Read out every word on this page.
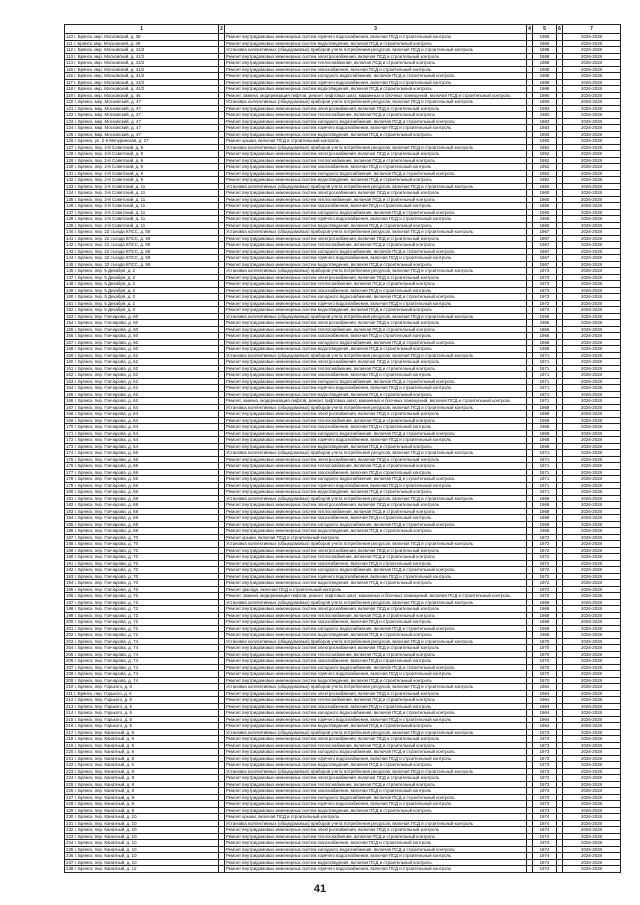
1	2	3	4	5	6	7
110 г. Брянск, мкр. Московский, д. 39		Ремонт внутридомовых инженерных систем горячего водоснабжения, включая ПСД и строительный контроль		1986		2026-2028
111 г. Брянск, мкр. Московский, д. 39		Ремонт внутридомовых инженерных систем водоотведения, включая ПСД и строительный контроль		1986		2026-2028
112 г. Брянск, мкр. Московский, д. 41/2		Установка коллективных (общедомовых) приборов учета потребления ресурсов, включая ПСД и строительный контроль		1988		2026-2028
113 г. Брянск, мкр. Московский, д. 41/2		Ремонт внутридомовых инженерных систем электроснабжения, включая ПСД и строительный контроль		1988		2026-2028
114 г. Брянск, мкр. Московский, д. 41/2		Ремонт внутридомовых инженерных систем теплоснабжения, включая ПСД и строительный контроль		1988		2026-2028
115 г. Брянск, мкр. Московский, д. 41/2		Ремонт внутридомовых инженерных систем газоснабжения, включая ПСД и строительный контроль		1988		2026-2028
116 г. Брянск, мкр. Московский, д. 41/2		Ремонт внутридомовых инженерных систем холодного водоснабжения, включая ПСД и строительный контроль		1988		2026-2028
117 г. Брянск, мкр. Московский, д. 41/2		Ремонт внутридомовых инженерных систем горячего водоснабжения, включая ПСД и строительный контроль		1988		2026-2028
118 г. Брянск, мкр. Московский, д. 41/2		Ремонт внутридомовых инженерных систем водоотведения, включая ПСД и строительный контроль		1988		2026-2028
119 г. Брянск, мкр. Московский, д. 46		Ремонт, замена, модернизация лифтов, ремонт лифтовых шахт, машинных и блочных помещений, включая ПСД и строительный контроль		1990		2026-2028
120 г. Брянск, мкр. Московский, д. 47		Установка коллективных (общедомовых) приборов учета потребления ресурсов, включая ПСД и строительный контроль		1983		2026-2028
121 г. Брянск, мкр. Московский, д. 47		Ремонт внутридомовых инженерных систем электроснабжения, включая ПСД и строительный контроль		1983		2026-2028
122 г. Брянск, мкр. Московский, д. 47		Ремонт внутридомовых инженерных систем теплоснабжения, включая ПСД и строительный контроль		1983		2026-2028
123 г. Брянск, мкр. Московский, д. 47		Ремонт внутридомовых инженерных систем холодного водоснабжения, включая ПСД и строительный контроль		1983		2026-2028
124 г. Брянск, мкр. Московский, д. 47		Ремонт внутридомовых инженерных систем горячего водоснабжения, включая ПСД и строительный контроль		1983		2026-2028
125 г. Брянск, мкр. Московский, д. 47		Ремонт внутридомовых инженерных систем водоотведения, включая ПСД и строительный контроль		1983		2026-2028
126 г. Брянск, ул. 2-я Мичуринская, д. 27		Ремонт крыши, включая ПСД и строительный контроль		1960		2026-2028
127 г. Брянск, пер. 2-й Советский, д. 9		Установка коллективных (общедомовых) приборов учета потребления ресурсов, включая ПСД и строительный контроль		1952		2026-2028
128 г. Брянск, пер. 2-й Советский, д. 9		Ремонт внутридомовых инженерных систем электроснабжения, включая ПСД и строительный контроль		1952		2026-2028
129 г. Брянск, пер. 2-й Советский, д. 9		Ремонт внутридомовых инженерных систем теплоснабжения, включая ПСД и строительный контроль		1952		2026-2028
130 г. Брянск, пер. 2-й Советский, д. 9		Ремонт внутридомовых инженерных систем газоснабжения, включая ПСД и строительный контроль		1952		2026-2028
131 г. Брянск, пер. 2-й Советский, д. 9		Ремонт внутридомовых инженерных систем холодного водоснабжения, включая ПСД и строительный контроль		1952		2026-2028
132 г. Брянск, пер. 2-й Советский, д. 9		Ремонт внутридомовых инженерных систем водоотведения, включая ПСД и строительный контроль		1952		2026-2028
133 г. Брянск, пер. 2-й Советский, д. 11		Установка коллективных (общедомовых) приборов учета потребления ресурсов, включая ПСД и строительный контроль		1960		2026-2028
134 г. Брянск, пер. 2-й Советский, д. 11		Ремонт внутридомовых инженерных систем электроснабжения, включая ПСД и строительный контроль		1960		2026-2028
135 г. Брянск, пер. 2-й Советский, д. 11		Ремонт внутридомовых инженерных систем теплоснабжения, включая ПСД и строительный контроль		1960		2026-2028
136 г. Брянск, пер. 2-й Советский, д. 11		Ремонт внутридомовых инженерных систем газоснабжения, включая ПСД и строительный контроль		1960		2026-2028
137 г. Брянск, пер. 2-й Советский, д. 11		Ремонт внутридомовых инженерных систем холодного водоснабжения, включая ПСД и строительный контроль		1960		2026-2028
138 г. Брянск, пер. 2-й Советский, д. 11		Ремонт внутридомовых инженерных систем горячего водоснабжения, включая ПСД и строительный контроль		1960		2026-2028
139 г. Брянск, пер. 2-й Советский, д. 11		Ремонт внутридомовых инженерных систем водоотведения, включая ПСД и строительный контроль		1960		2026-2028
140 г. Брянск, пер. 22 съезда КПСС, д. 59		Установка коллективных (общедомовых) приборов учета потребления ресурсов, включая ПСД и строительный контроль		1967		2026-2028
141 г. Брянск, пер. 22 съезда КПСС, д. 59		Ремонт внутридомовых инженерных систем электроснабжения, включая ПСД и строительный контроль		1967		2026-2028
142 г. Брянск, пер. 22 съезда КПСС, д. 59		Ремонт внутридомовых инженерных систем теплоснабжения, включая ПСД и строительный контроль		1967		2026-2028
143 г. Брянск, пер. 22 съезда КПСС, д. 59		Ремонт внутридомовых инженерных систем холодного водоснабжения, включая ПСД и строительный контроль		1967		2026-2028
144 г. Брянск, пер. 22 съезда КПСС, д. 59		Ремонт внутридомовых инженерных систем горячего водоснабжения, включая ПСД и строительный контроль		1967		2026-2028
145 г. Брянск, пер. 22 съезда КПСС, д. 59		Ремонт внутридомовых инженерных систем водоотведения, включая ПСД и строительный контроль		1967		2026-2028
146 г. Брянск, пер. 5 Декабря, д. 2		Установка коллективных (общедомовых) приборов учета потребления ресурсов, включая ПСД и строительный контроль		1973		2026-2028
147 г. Брянск, пер. 5 Декабря, д. 2		Ремонт внутридомовых инженерных систем электроснабжения, включая ПСД и строительный контроль		1973		2026-2028
148 г. Брянск, пер. 5 Декабря, д. 2		Ремонт внутридомовых инженерных систем теплоснабжения, включая ПСД и строительный контроль		1973		2026-2028
149 г. Брянск, пер. 5 Декабря, д. 2		Ремонт внутридомовых инженерных систем газоснабжения, включая ПСД и строительный контроль		1973		2026-2028
150 г. Брянск, пер. 5 Декабря, д. 2		Ремонт внутридомовых инженерных систем холодного водоснабжения, включая ПСД и строительный контроль		1973		2026-2028
151 г. Брянск, пер. 5 Декабря, д. 2		Ремонт внутридомовых инженерных систем горячего водоснабжения, включая ПСД и строительный контроль		1973		2026-2028
152 г. Брянск, пер. 5 Декабря, д. 2		Ремонт внутридомовых инженерных систем водоотведения, включая ПСД и строительный контроль		1973		2026-2028
153 г. Брянск, пер. Гончарова, д. 60		Установка коллективных (общедомовых) приборов учета потребления ресурсов, включая ПСД и строительный контроль		1966		2026-2028
154 г. Брянск, пер. Гончарова, д. 60		Ремонт внутридомовых инженерных систем электроснабжения, включая ПСД и строительный контроль		1966		2026-2028
155 г. Брянск, пер. Гончарова, д. 60		Ремонт внутридомовых инженерных систем теплоснабжения, включая ПСД и строительный контроль		1966		2026-2028
156 г. Брянск, пер. Гончарова, д. 60		Ремонт внутридомовых инженерных систем газоснабжения, включая ПСД и строительный контроль		1966		2026-2028
157 г. Брянск, пер. Гончарова, д. 60		Ремонт внутридомовых инженерных систем холодного водоснабжения, включая ПСД и строительный контроль		1966		2026-2028
158 г. Брянск, пер. Гончарова, д. 60		Ремонт внутридомовых инженерных систем водоотведения, включая ПСД и строительный контроль		1966		2026-2028
159 г. Брянск, пер. Гончарова, д. 62		Установка коллективных (общедомовых) приборов учета потребления ресурсов, включая ПСД и строительный контроль		1971		2026-2028
160 г. Брянск, пер. Гончарова, д. 62		Ремонт внутридомовых инженерных систем электроснабжения, включая ПСД и строительный контроль		1971		2026-2028
161 г. Брянск, пер. Гончарова, д. 62		Ремонт внутридомовых инженерных систем теплоснабжения, включая ПСД и строительный контроль		1971		2026-2028
162 г. Брянск, пер. Гончарова, д. 62		Ремонт внутридомовых инженерных систем газоснабжения, включая ПСД и строительный контроль		1971		2026-2028
163 г. Брянск, пер. Гончарова, д. 62		Ремонт внутридомовых инженерных систем холодного водоснабжения, включая ПСД и строительный контроль		1971		2026-2028
164 г. Брянск, пер. Гончарова, д. 62		Ремонт внутридомовых инженерных систем горячего водоснабжения, включая ПСД и строительный контроль		1971		2026-2028
165 г. Брянск, пер. Гончарова, д. 62		Ремонт внутридомовых инженерных систем водоотведения, включая ПСД и строительный контроль		1971		2026-2028
166 г. Брянск, пер. Гончарова, д. 62		Ремонт, замена, модернизация лифтов, ремонт лифтовых шахт, машинных и блочных помещений, включая ПСД и строительный контроль		1971		2026-2028
167 г. Брянск, пер. Гончарова, д. 64		Установка коллективных (общедомовых) приборов учета потребления ресурсов, включая ПСД и строительный контроль		1968		2026-2028
168 г. Брянск, пер. Гончарова, д. 64		Ремонт внутридомовых инженерных систем электроснабжения, включая ПСД и строительный контроль		1968		2026-2028
169 г. Брянск, пер. Гончарова, д. 64		Ремонт внутридомовых инженерных систем теплоснабжения, включая ПСД и строительный контроль		1968		2026-2028
170 г. Брянск, пер. Гончарова, д. 64		Ремонт внутридомовых инженерных систем газоснабжения, включая ПСД и строительный контроль		1968		2026-2028
171 г. Брянск, пер. Гончарова, д. 64		Ремонт внутридомовых инженерных систем холодного водоснабжения, включая ПСД и строительный контроль		1968		2026-2028
172 г. Брянск, пер. Гончарова, д. 64		Ремонт внутридомовых инженерных систем горячего водоснабжения, включая ПСД и строительный контроль		1968		2026-2028
173 г. Брянск, пер. Гончарова, д. 64		Ремонт внутридомовых инженерных систем водоотведения, включая ПСД и строительный контроль		1968		2026-2028
174 г. Брянск, пер. Гончарова, д. 66		Установка коллективных (общедомовых) приборов учета потребления ресурсов, включая ПСД и строительный контроль		1971		2026-2028
175 г. Брянск, пер. Гончарова, д. 66		Ремонт внутридомовых инженерных систем электроснабжения, включая ПСД и строительный контроль		1971		2026-2028
176 г. Брянск, пер. Гончарова, д. 66		Ремонт внутридомовых инженерных систем теплоснабжения, включая ПСД и строительный контроль		1971		2026-2028
177 г. Брянск, пер. Гончарова, д. 66		Ремонт внутридомовых инженерных систем газоснабжения, включая ПСД и строительный контроль		1971		2026-2028
178 г. Брянск, пер. Гончарова, д. 66		Ремонт внутридомовых инженерных систем холодного водоснабжения, включая ПСД и строительный контроль		1971		2026-2028
179 г. Брянск, пер. Гончарова, д. 66		Ремонт внутридомовых инженерных систем горячего водоснабжения, включая ПСД и строительный контроль		1971		2026-2028
180 г. Брянск, пер. Гончарова, д. 66		Ремонт внутридомовых инженерных систем водоотведения, включая ПСД и строительный контроль		1971		2026-2028
181 г. Брянск, пер. Гончарова, д. 68		Установка коллективных (общедомовых) приборов учета потребления ресурсов, включая ПСД и строительный контроль		1968		2026-2028
182 г. Брянск, пер. Гончарова, д. 68		Ремонт внутридомовых инженерных систем электроснабжения, включая ПСД и строительный контроль		1968		2026-2028
183 г. Брянск, пер. Гончарова, д. 68		Ремонт внутридомовых инженерных систем теплоснабжения, включая ПСД и строительный контроль		1968		2026-2028
184 г. Брянск, пер. Гончарова, д. 68		Ремонт внутридомовых инженерных систем газоснабжения, включая ПСД и строительный контроль		1968		2026-2028
185 г. Брянск, пер. Гончарова, д. 68		Ремонт внутридомовых инженерных систем холодного водоснабжения, включая ПСД и строительный контроль		1968		2026-2028
186 г. Брянск, пер. Гончарова, д. 68		Ремонт внутридомовых инженерных систем водоотведения, включая ПСД и строительный контроль		1968		2026-2028
187 г. Брянск, пер. Гончарова, д. 70		Ремонт крыши, включая ПСД и строительный контроль		1972		2026-2028
188 г. Брянск, пер. Гончарова, д. 70		Установка коллективных (общедомовых) приборов учета потребления ресурсов, включая ПСД и строительный контроль		1972		2026-2028
189 г. Брянск, пер. Гончарова, д. 70		Ремонт внутридомовых инженерных систем электроснабжения, включая ПСД и строительный контроль		1972		2026-2028
190 г. Брянск, пер. Гончарова, д. 70		Ремонт внутридомовых инженерных систем теплоснабжения, включая ПСД и строительный контроль		1972		2026-2028
191 г. Брянск, пер. Гончарова, д. 70		Ремонт внутридомовых инженерных систем газоснабжения, включая ПСД и строительный контроль		1972		2026-2028
192 г. Брянск, пер. Гончарова, д. 70		Ремонт внутридомовых инженерных систем холодного водоснабжения, включая ПСД и строительный контроль		1972		2026-2028
193 г. Брянск, пер. Гончарова, д. 70		Ремонт внутридомовых инженерных систем горячего водоснабжения, включая ПСД и строительный контроль		1972		2026-2028
194 г. Брянск, пер. Гончарова, д. 70		Ремонт внутридомовых инженерных систем водоотведения, включая ПСД и строительный контроль		1972		2026-2028
195 г. Брянск, пер. Гончарова, д. 70		Ремонт фасада, включая ПСД и строительный контроль		1972		2026-2028
196 г. Брянск, пер. Гончарова, д. 70		Ремонт, замена, модернизация лифтов, ремонт лифтовых шахт, машинных и блочных помещений, включая ПСД и строительный контроль		1972		2026-2028
197 г. Брянск, пер. Гончарова, д. 72		Установка коллективных (общедомовых) приборов учета потребления ресурсов, включая ПСД и строительный контроль		1968		2026-2028
198 г. Брянск, пер. Гончарова, д. 72		Ремонт внутридомовых инженерных систем электроснабжения, включая ПСД и строительный контроль		1968		2026-2028
199 г. Брянск, пер. Гончарова, д. 72		Ремонт внутридомовых инженерных систем теплоснабжения, включая ПСД и строительный контроль		1968		2026-2028
200 г. Брянск, пер. Гончарова, д. 72		Ремонт внутридомовых инженерных систем газоснабжения, включая ПСД и строительный контроль		1968		2026-2028
201 г. Брянск, пер. Гончарова, д. 72		Ремонт внутридомовых инженерных систем холодного водоснабжения, включая ПСД и строительный контроль		1968		2026-2028
202 г. Брянск, пер. Гончарова, д. 72		Ремонт внутридомовых инженерных систем водоотведения, включая ПСД и строительный контроль		1968		2026-2028
203 г. Брянск, пер. Гончарова, д. 74		Установка коллективных (общедомовых) приборов учета потребления ресурсов, включая ПСД и строительный контроль		1970		2026-2028
204 г. Брянск, пер. Гончарова, д. 74		Ремонт внутридомовых инженерных систем электроснабжения, включая ПСД и строительный контроль		1970		2026-2028
205 г. Брянск, пер. Гончарова, д. 74		Ремонт внутридомовых инженерных систем теплоснабжения, включая ПСД и строительный контроль		1970		2026-2028
206 г. Брянск, пер. Гончарова, д. 74		Ремонт внутридомовых инженерных систем газоснабжения, включая ПСД и строительный контроль		1970		2026-2028
207 г. Брянск, пер. Гончарова, д. 74		Ремонт внутридомовых инженерных систем холодного водоснабжения, включая ПСД и строительный контроль		1970		2026-2028
208 г. Брянск, пер. Гончарова, д. 74		Ремонт внутридомовых инженерных систем горячего водоснабжения, включая ПСД и строительный контроль		1970		2026-2028
209 г. Брянск, пер. Гончарова, д. 74		Ремонт внутридомовых инженерных систем водоотведения, включая ПСД и строительный контроль		1970		2026-2028
210 г. Брянск, пер. Горького, д. 5		Установка коллективных (общедомовых) приборов учета потребления ресурсов, включая ПСД и строительный контроль		1964		2026-2028
211 г. Брянск, пер. Горького, д. 5		Ремонт внутридомовых инженерных систем электроснабжения, включая ПСД и строительный контроль		1964		2026-2028
212 г. Брянск, пер. Горького, д. 5		Ремонт внутридомовых инженерных систем теплоснабжения, включая ПСД и строительный контроль		1964		2026-2028
213 г. Брянск, пер. Горького, д. 5		Ремонт внутридомовых инженерных систем газоснабжения, включая ПСД и строительный контроль		1964		2026-2028
214 г. Брянск, пер. Горького, д. 5		Ремонт внутридомовых инженерных систем холодного водоснабжения, включая ПСД и строительный контроль		1964		2026-2028
215 г. Брянск, пер. Горького, д. 5		Ремонт внутридомовых инженерных систем горячего водоснабжения, включая ПСД и строительный контроль		1964		2026-2028
216 г. Брянск, пер. Горького, д. 5		Ремонт внутридомовых инженерных систем водоотведения, включая ПСД и строительный контроль		1964		2026-2028
217 г. Брянск, пер. Канатный, д. 6		Установка коллективных (общедомовых) приборов учета потребления ресурсов, включая ПСД и строительный контроль		1973		2026-2028
218 г. Брянск, пер. Канатный, д. 6		Ремонт внутридомовых инженерных систем электроснабжения, включая ПСД и строительный контроль		1973		2026-2028
219 г. Брянск, пер. Канатный, д. 6		Ремонт внутридомовых инженерных систем теплоснабжения, включая ПСД и строительный контроль		1973		2026-2028
220 г. Брянск, пер. Канатный, д. 6		Ремонт внутридомовых инженерных систем холодного водоснабжения, включая ПСД и строительный контроль		1973		2026-2028
221 г. Брянск, пер. Канатный, д. 6		Ремонт внутридомовых инженерных систем горячего водоснабжения, включая ПСД и строительный контроль		1973		2026-2028
222 г. Брянск, пер. Канатный, д. 6		Ремонт внутридомовых инженерных систем водоотведения, включая ПСД и строительный контроль		1973		2026-2028
223 г. Брянск, пер. Канатный, д. 8		Установка коллективных (общедомовых) приборов учета потребления ресурсов, включая ПСД и строительный контроль		1973		2026-2028
224 г. Брянск, пер. Канатный, д. 8		Ремонт внутридомовых инженерных систем электроснабжения, включая ПСД и строительный контроль		1973		2026-2028
225 г. Брянск, пер. Канатный, д. 8		Ремонт внутридомовых инженерных систем теплоснабжения, включая ПСД и строительный контроль		1973		2026-2028
226 г. Брянск, пер. Канатный, д. 8		Ремонт внутридомовых инженерных систем газоснабжения, включая ПСД и строительный контроль		1973		2026-2028
227 г. Брянск, пер. Канатный, д. 8		Ремонт внутридомовых инженерных систем холодного водоснабжения, включая ПСД и строительный контроль		1973		2026-2028
228 г. Брянск, пер. Канатный, д. 8		Ремонт внутридомовых инженерных систем горячего водоснабжения, включая ПСД и строительный контроль		1973		2026-2028
229 г. Брянск, пер. Канатный, д. 8		Ремонт внутридомовых инженерных систем водоотведения, включая ПСД и строительный контроль		1973		2026-2028
230 г. Брянск, пер. Канатный, д. 10		Ремонт крыши, включая ПСД и строительный контроль		1974		2026-2028
231 г. Брянск, пер. Канатный, д. 10		Установка коллективных (общедомовых) приборов учета потребления ресурсов, включая ПСД и строительный контроль		1974		2026-2028
232 г. Брянск, пер. Канатный, д. 10		Ремонт внутридомовых инженерных систем электроснабжения, включая ПСД и строительный контроль		1974		2026-2028
233 г. Брянск, пер. Канатный, д. 10		Ремонт внутридомовых инженерных систем теплоснабжения, включая ПСД и строительный контроль		1974		2026-2028
234 г. Брянск, пер. Канатный, д. 10		Ремонт внутридомовых инженерных систем газоснабжения, включая ПСД и строительный контроль		1974		2026-2028
235 г. Брянск, пер. Канатный, д. 10		Ремонт внутридомовых инженерных систем холодного водоснабжения, включая ПСД и строительный контроль		1974		2026-2028
236 г. Брянск, пер. Канатный, д. 10		Ремонт внутридомовых инженерных систем горячего водоснабжения, включая ПСД и строительный контроль		1974		2026-2028
237 г. Брянск, пер. Канатный, д. 10		Ремонт внутридомовых инженерных систем водоотведения, включая ПСД и строительный контроль		1974		2026-2028
238 г. Брянск, пер. Канатный, д. 12		Ремонт внутридомовых инженерных систем горячего водоснабжения, включая ПСД и строительный контроль		1974		2026-2028
41
